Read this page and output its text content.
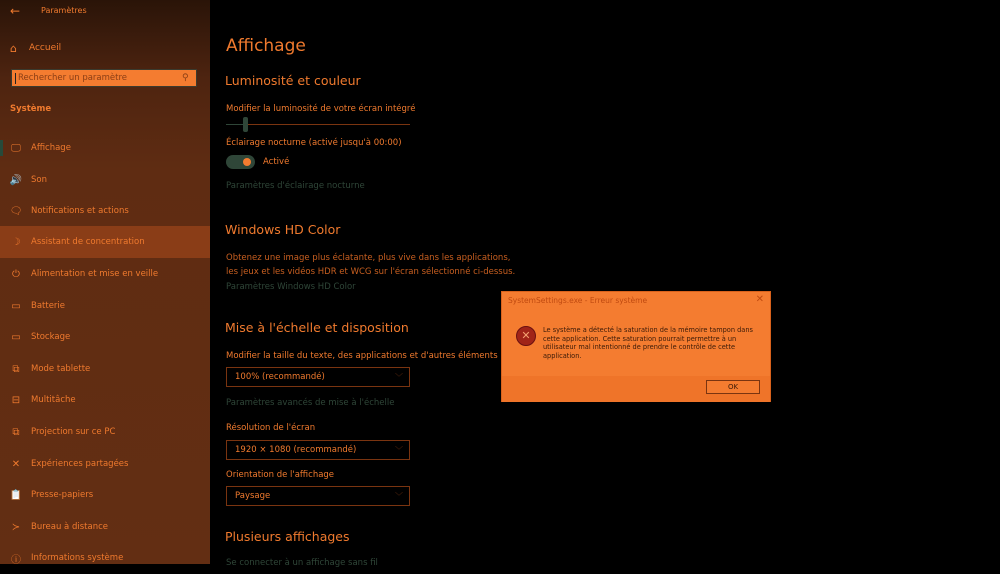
←	Paramètres
⌂ Accueil
Rechercher un paramètre	⚲
Système
🖵 Affichage
🔊 Son
🗨 Notifications et actions
☽ Assistant de concentration
⏻	Alimentation et mise en veille
▭ Batterie
▭ Stockage
⧉	Mode tablette
⊟	Multitâche
⧉	Projection sur ce PC
✕	Expériences partagées
📋 Presse-papiers
≻	Bureau à distance
ⓘ Informations système
Affichage
Luminosité et couleur
Modifier la luminosité de votre écran intégré
Éclairage nocturne (activé jusqu'à 00:00)
Activé
Paramètres d'éclairage nocturne
Windows HD Color
Obtenez une image plus éclatante, plus vive dans les applications, les jeux et les vidéos HDR et WCG sur l'écran sélectionné ci-dessus.
Paramètres Windows HD Color
Mise à l'échelle et disposition
Modifier la taille du texte, des applications et d'autres éléments
100% (recommandé)	﹀
Paramètres avancés de mise à l'échelle
Résolution de l'écran
1920 × 1080 (recommandé)	﹀
Orientation de l'affichage
Paysage	﹀
Plusieurs affichages
Se connecter à un affichage sans fil
SystemSettings.exe - Erreur système	✕
✕	Le système a détecté la saturation de la mémoire tampon dans cette application. Cette saturation pourrait permettre à un utilisateur mal intentionné de prendre le contrôle de cette application.
OK
